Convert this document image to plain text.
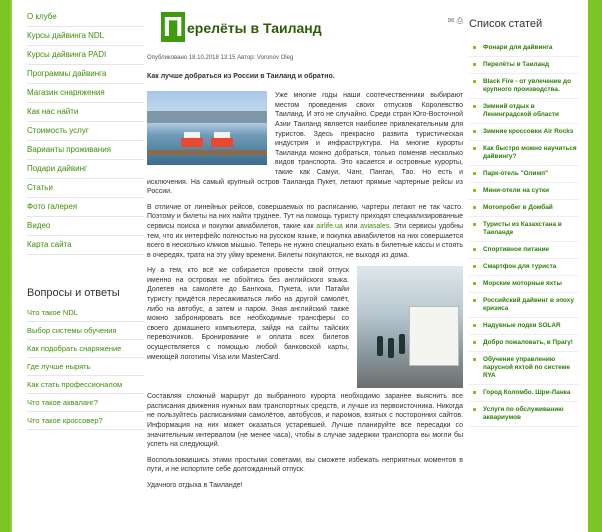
О клубе
Курсы дайвинга NDL
Курсы дайвинга PADI
Программы дайвинга
Магазин снаряжения
Как нас найти
Стоимость услуг
Варианты проживания
Подари дайвинг
Статьи
Фото галерея
Видео
Карта сайта
Вопросы и ответы
Что такое NDL
Выбор системы обучения
Как подобрать снаряжение
Где лучше нырять
Как стать профессионалом
Что такое акваланг?
Что такое кроссовер?
П ерелёты в Таиланд	✉ ⎙
Опубликовано 18.10.2018 13:15 Автор: Voronov Oleg
Как лучше добраться из России в Таиланд и обратно.

Уже многие годы наши соотечественники выбирают местом проведения своих отпусков Королевство Таиланд. И это не случайно. Среди стран Юго-Восточной Азии Таиланд является наиболее привлекательным для туристов. Здесь прекрасно развита туристическая индустрия и инфраструктура. На многие курорты Таиланда можно добраться, только поменяв несколько видов транспорта. Это касается и островные курорты, такие как Самуи, Чанг, Панган, Тао. Но есть и исключения. На самый крупный остров Таиланда Пукет, летают прямые чартерные рейсы из России.

В отличие от линейных рейсов, совершаемых по расписанию, чартеры летают не так часто. Поэтому и билеты на них найти труднее. Тут на помощь туристу приходят специализированные сервисы поиска и покупки авиабилетов, такие как airlife.ua или aviasales. Эти сервисы удобны тем, что их интерфейс полностью на русском языке, и покупка авиабилетов на них совершается всего в несколько кликов мышью. Теперь не нужно специально ехать в билетные кассы и стоять в очередях, трата на эту уйму времени. Билеты покупаются, не выходя из дома.

Ну а тем, кто всё же собирается провести свой отпуск именно на островах не обойтись без английского языка. Долетев на самолёте до Бангкока, Пукета, или Патайи туристу придётся пересаживаться либо на другой самолёт, либо на автобус, а затем и паром. Зная английский также можно забронировать все необходимые трансферы со своего домашнего компьютера, зайдя на сайты тайских перевозчиков. Бронирование и оплата всех билетов осуществляется с помощью любой банковской карты, имеющей логотипы Visa или MasterCard.

Составляя сложный маршрут до выбранного курорта необходимо заранее выяснить все расписания движения нужных вам транспортных средств, и лучше из первоисточника. Никогда не пользуйтесь расписаниями самолётов, автобусов, и паромов, взятых с посторонних сайтов. Информация на них может оказаться устаревшей. Лучше планируйте все пересадки со значительным интервалом (не менее часа), чтобы в случае задержки транспорта вы могли бы успеть на следующий.

Воспользовавшись этими простыми советами, вы сможете избежать неприятных моментов в пути, и не испортите себе долгожданный отпуск.

Удачного отдыха в Таиланде!

Список статей
Фонари для дайвинга
Перелёты в Таиланд
Black Fire - от увлечение до крупного производства.
Зимний отдых в Ленинградской области
Зимние кроссовки Air Rocks
Как быстро можно научиться дайвингу?
Парк-отель "Олимп"
Мини-отели на сутки
Мотопробег в Домбай
Туристы из Казахстана в Таиланде
Спортивное питание
Смартфон для туриста
Морские моторные яхты
Российский дайвинг в эпоху кризиса
Надувные лодки SOLAR
Добро пожаловать, в Прагу!
Обучение управлению парусной яхтой по системе RYA
Город Коломбо. Шри-Ланка
Услуги по обслуживанию аквариумов
